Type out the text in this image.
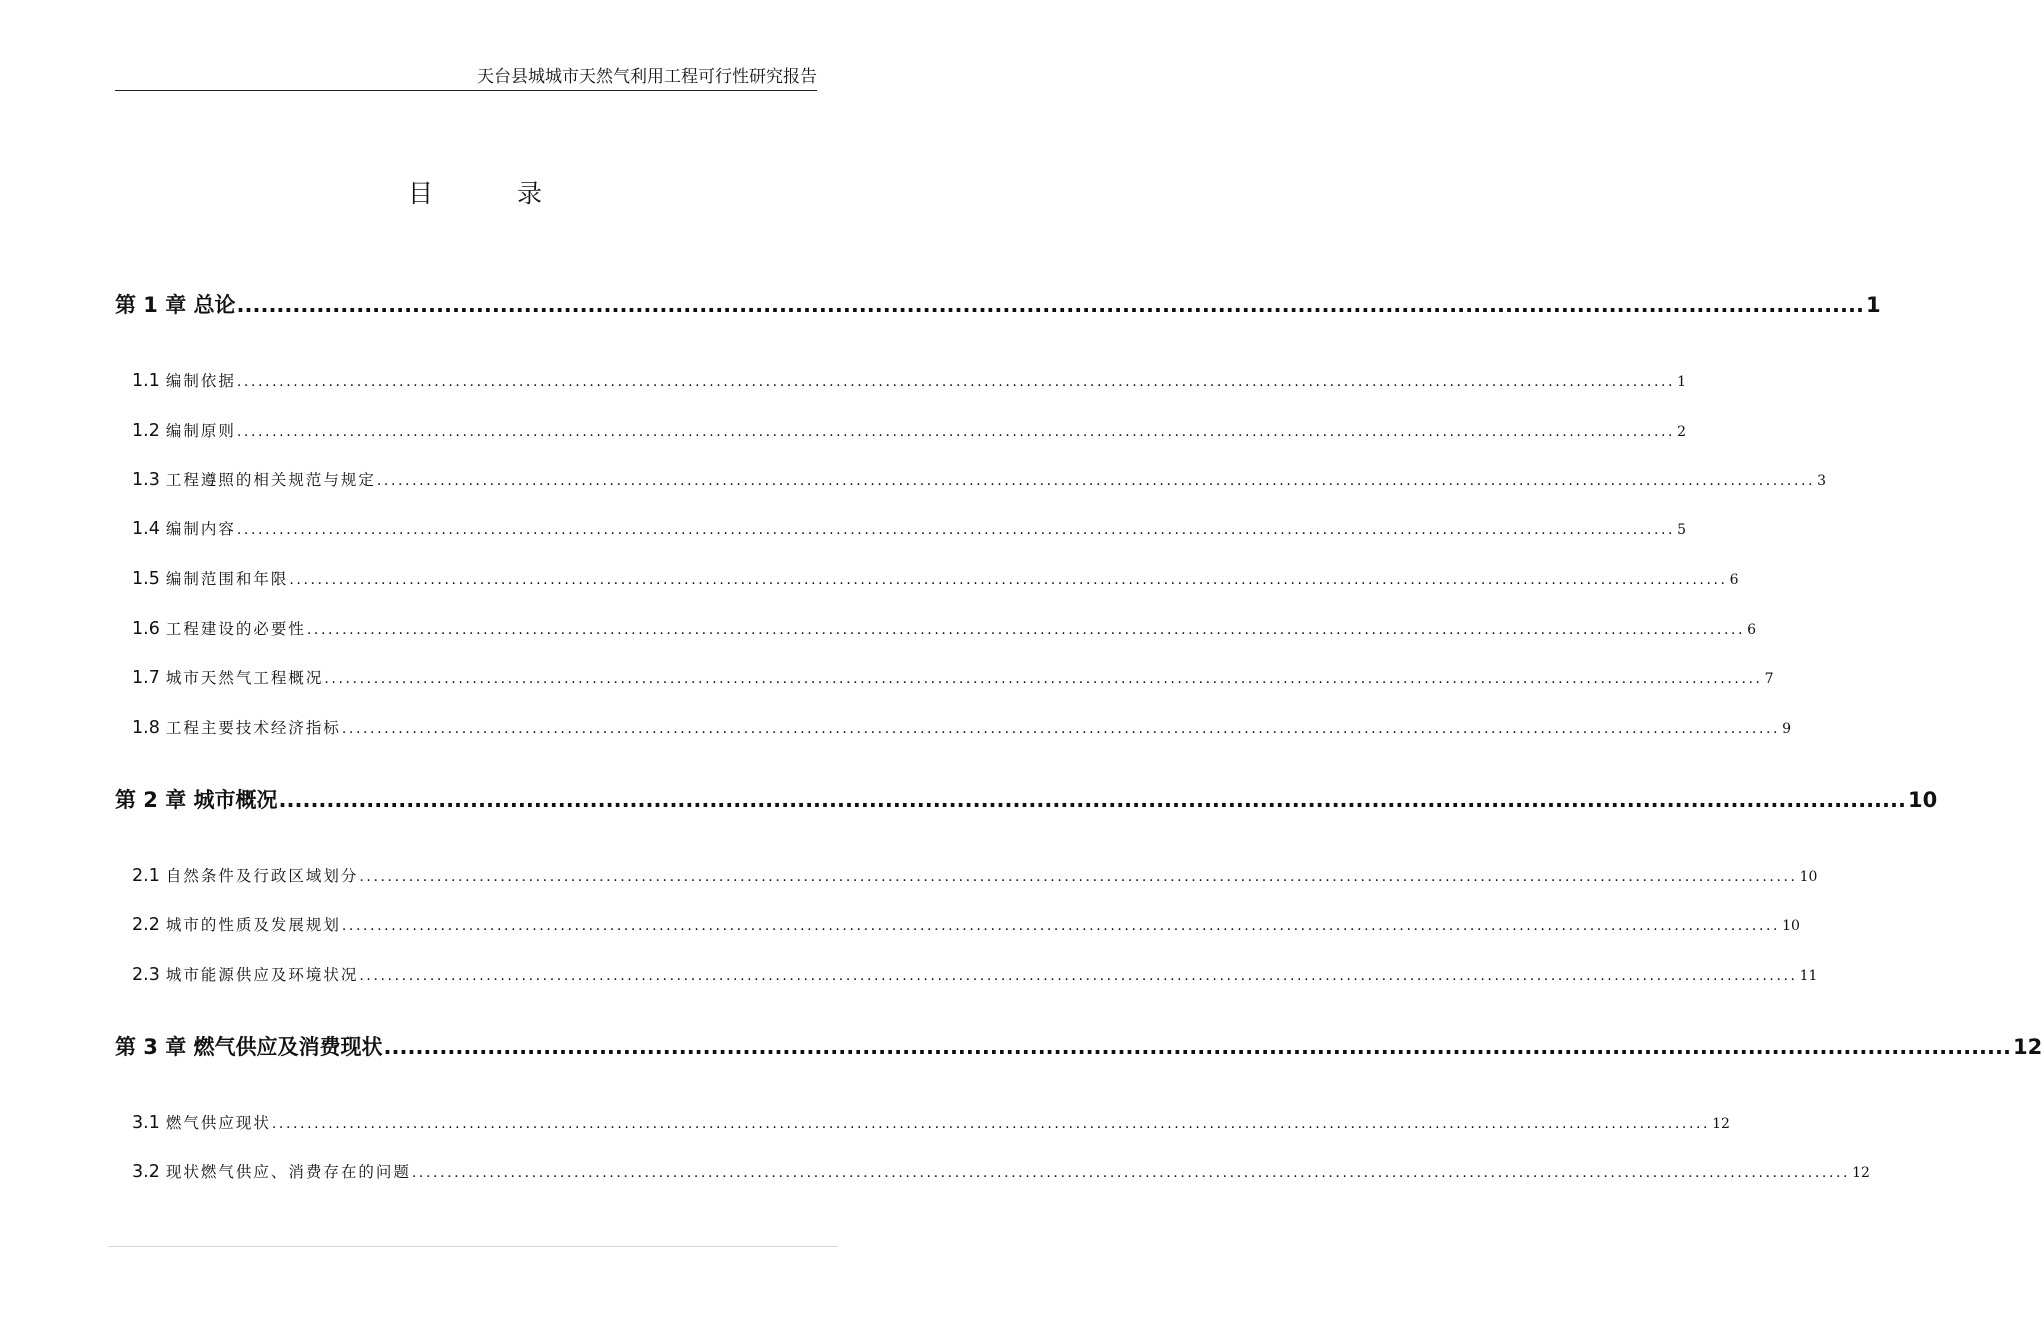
天台县城城市天然气利用工程可行性研究报告
目	录
第 1 章 总论 ............................................................................................................................................................................................................ 1
1.1 编制依据 ............................................................................................................................................................................................................ 1
1.2 编制原则 ............................................................................................................................................................................................................ 2
1.3 工程遵照的相关规范与规定 ............................................................................................................................................................................................................ 3
1.4 编制内容 ............................................................................................................................................................................................................ 5
1.5 编制范围和年限 ............................................................................................................................................................................................................ 6
1.6 工程建设的必要性 ............................................................................................................................................................................................................ 6
1.7 城市天然气工程概况 ............................................................................................................................................................................................................ 7
1.8 工程主要技术经济指标 ............................................................................................................................................................................................................ 9
第 2 章 城市概况 ............................................................................................................................................................................................................ 10
2.1 自然条件及行政区域划分 ............................................................................................................................................................................................................ 10
2.2 城市的性质及发展规划 ............................................................................................................................................................................................................ 10
2.3 城市能源供应及环境状况 ............................................................................................................................................................................................................ 11
第 3 章 燃气供应及消费现状 ............................................................................................................................................................................................................ 12
3.1 燃气供应现状 ............................................................................................................................................................................................................ 12
3.2 现状燃气供应、消费存在的问题 ............................................................................................................................................................................................................ 12
